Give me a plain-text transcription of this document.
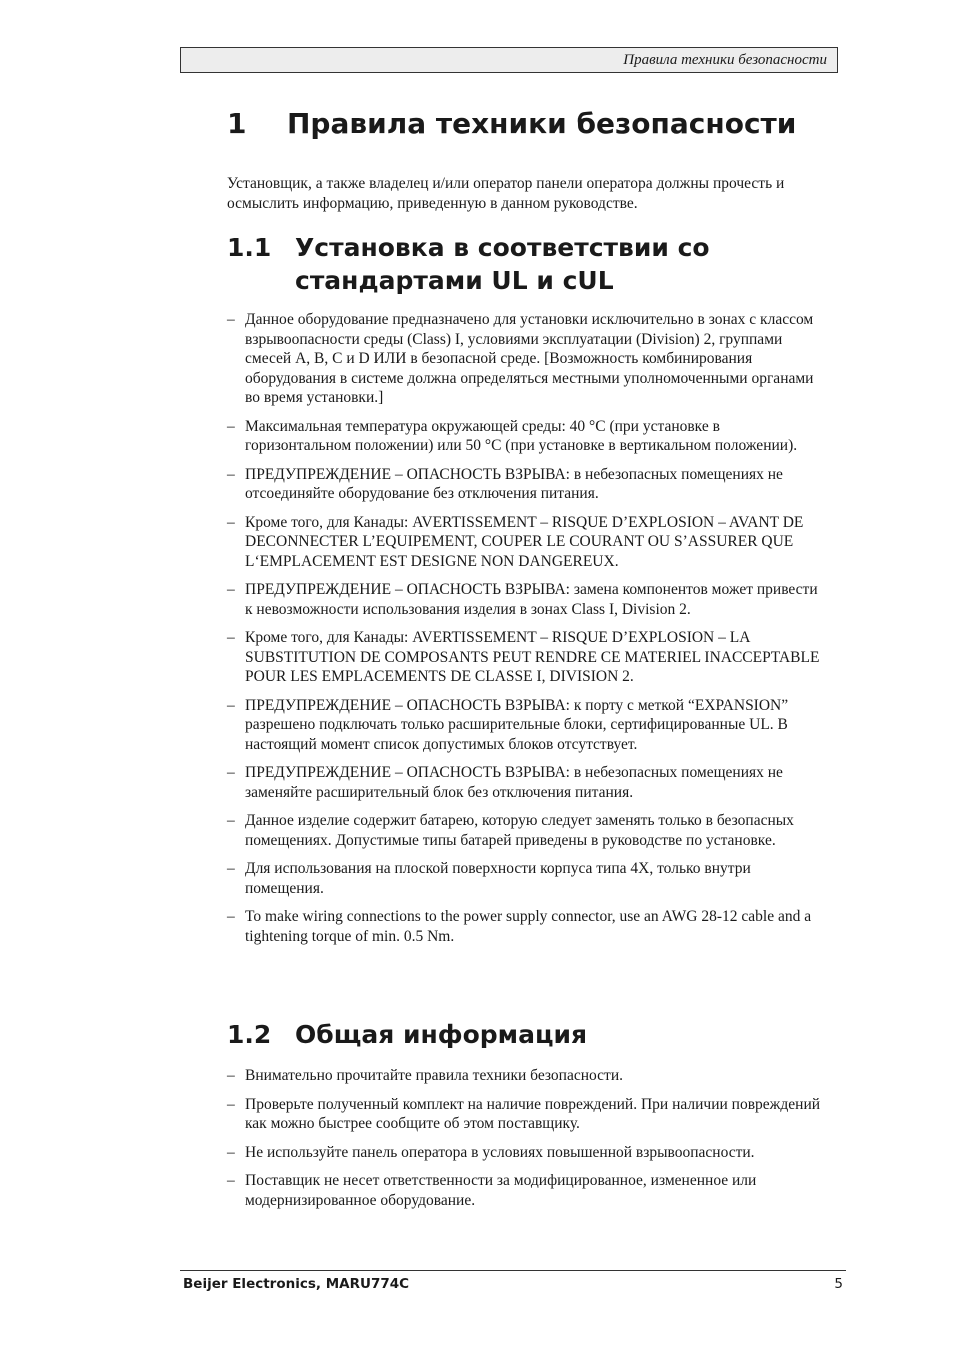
Правила техники безопасности
1 Правила техники безопасности

Установщик, а также владелец и/или оператор панели оператора должны прочесть и осмыслить информацию, приведенную в данном руководстве.

1.1 Установка в соответствии со стандартами UL и cUL
– Данное оборудование предназначено для установки исключительно в зонах с классом взрывоопасности среды (Class) I, условиями эксплуатации (Division) 2, группами смесей A, B, C и D ИЛИ в безопасной среде. [Возможность комбинирования оборудования в системе должна определяться местными уполномоченными органами во время установки.]
– Максимальная температура окружающей среды: 40 °C (при установке в горизонтальном положении) или 50 °C (при установке в вертикальном положении).
– ПРЕДУПРЕЖДЕНИЕ – ОПАСНОСТЬ ВЗРЫВА: в небезопасных помещениях не отсоединяйте оборудование без отключения питания.
– Кроме того, для Канады: AVERTISSEMENT – RISQUE D’EXPLOSION – AVANT DE DECONNECTER L’EQUIPEMENT, COUPER LE COURANT OU S’ASSURER QUE L‘EMPLACEMENT EST DESIGNE NON DANGEREUX.
– ПРЕДУПРЕЖДЕНИЕ – ОПАСНОСТЬ ВЗРЫВА: замена компонентов может привести к невозможности использования изделия в зонах Class I, Division 2.
– Кроме того, для Канады: AVERTISSEMENT – RISQUE D’EXPLOSION – LA SUBSTITUTION DE COMPOSANTS PEUT RENDRE CE MATERIEL INACCEPTABLE POUR LES EMPLACEMENTS DE CLASSE I, DIVISION 2.
– ПРЕДУПРЕЖДЕНИЕ – ОПАСНОСТЬ ВЗРЫВА: к порту с меткой “EXPANSION” разрешено подключать только расширительные блоки, сертифицированные UL. В настоящий момент список допустимых блоков отсутствует.
– ПРЕДУПРЕЖДЕНИЕ – ОПАСНОСТЬ ВЗРЫВА: в небезопасных помещениях не заменяйте расширительный блок без отключения питания.
– Данное изделие содержит батарею, которую следует заменять только в безопасных помещениях. Допустимые типы батарей приведены в руководстве по установке.
– Для использования на плоской поверхности корпуса типа 4X, только внутри помещения.
– To make wiring connections to the power supply connector, use an AWG 28-12 cable and a tightening torque of min. 0.5 Nm.
1.2 Общая информация
– Внимательно прочитайте правила техники безопасности.
– Проверьте полученный комплект на наличие повреждений. При наличии повреждений как можно быстрее сообщите об этом поставщику.
– Не используйте панель оператора в условиях повышенной взрывоопасности.
– Поставщик не несет ответственности за модифицированное, измененное или модернизированное оборудование.
Beijer Electronics, MARU774C	5
